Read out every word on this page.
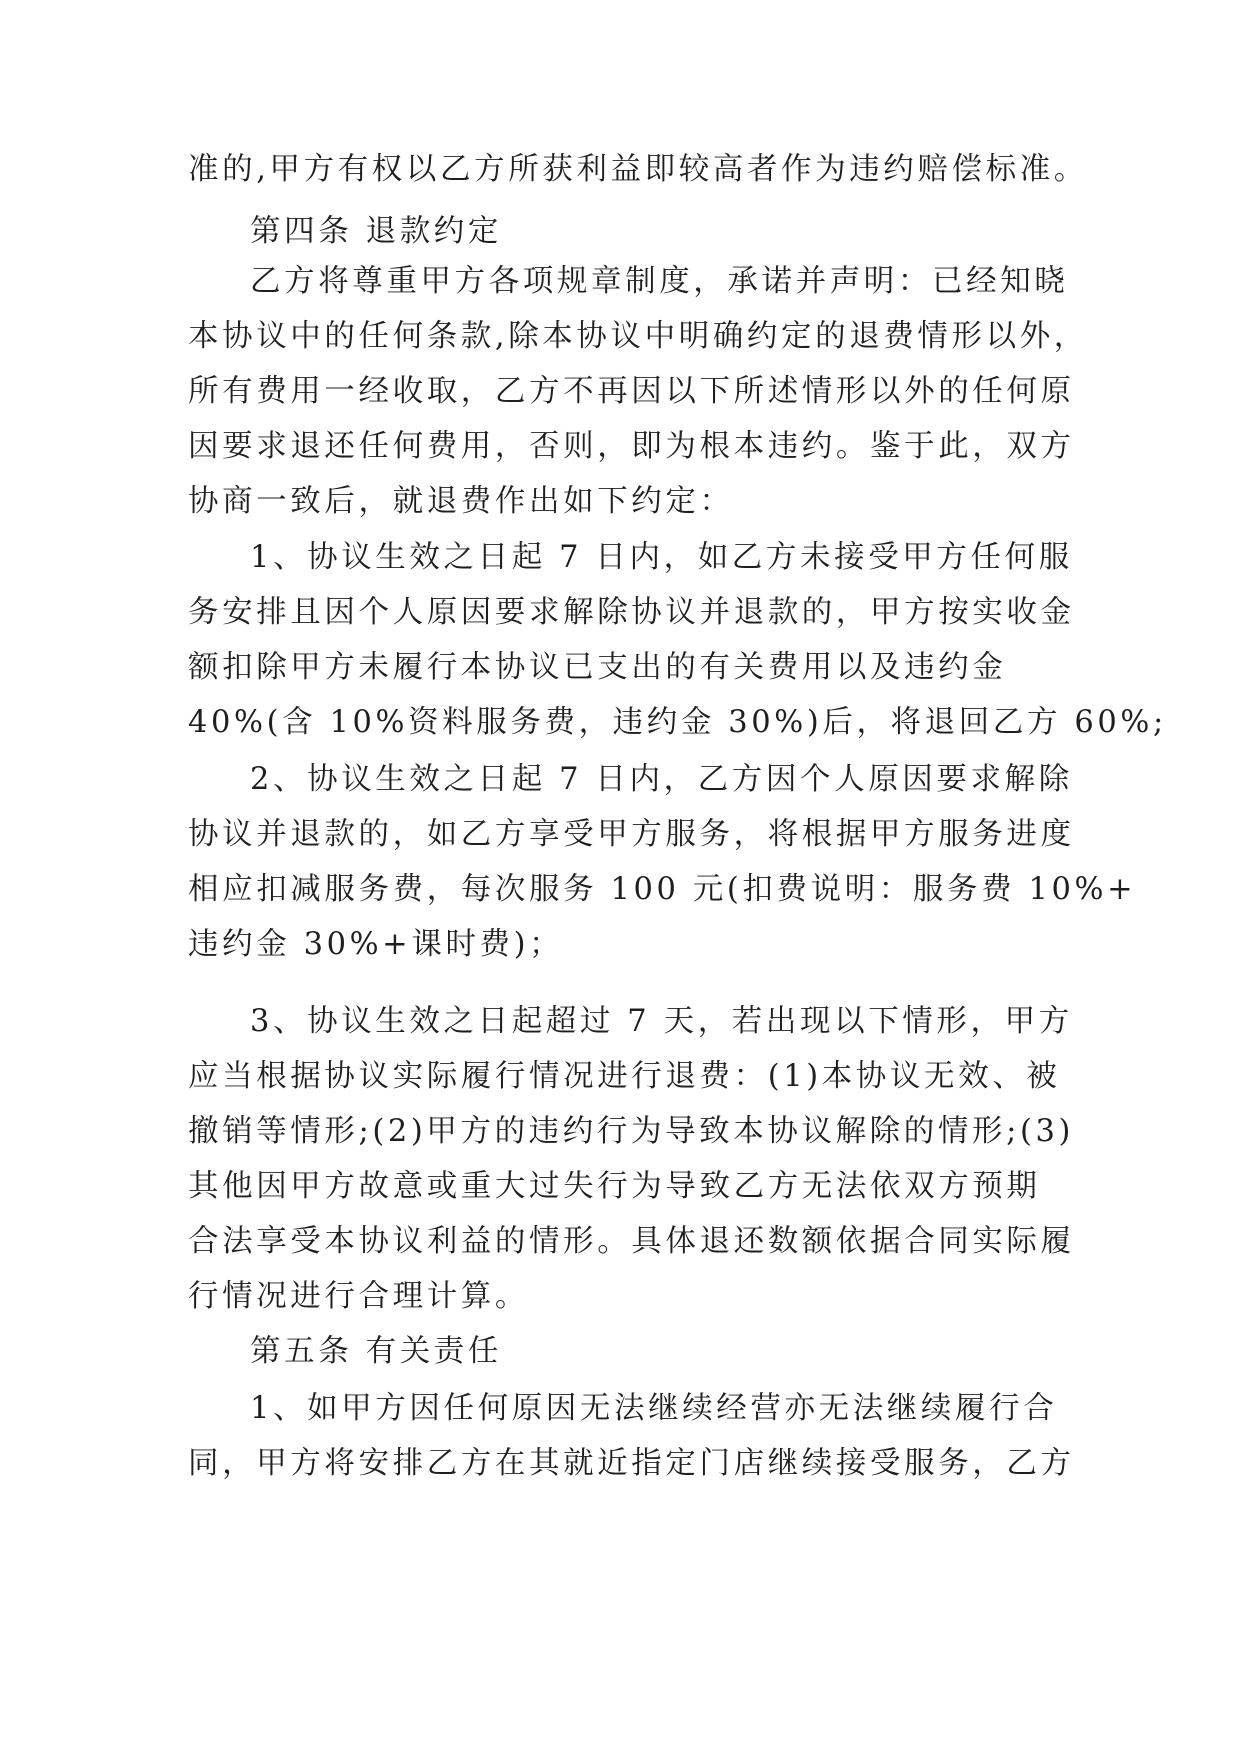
准的,甲方有权以乙方所获利益即较高者作为违约赔偿标准。
第四条 退款约定
乙方将尊重甲方各项规章制度，承诺并声明：已经知晓
本协议中的任何条款,除本协议中明确约定的退费情形以外，
所有费用一经收取，乙方不再因以下所述情形以外的任何原
因要求退还任何费用，否则，即为根本违约。鉴于此，双方
协商一致后，就退费作出如下约定：
1、协议生效之日起 7 日内，如乙方未接受甲方任何服
务安排且因个人原因要求解除协议并退款的，甲方按实收金
额扣除甲方未履行本协议已支出的有关费用以及违约金
40%(含 10%资料服务费，违约金 30%)后，将退回乙方 60%;
2、协议生效之日起 7 日内，乙方因个人原因要求解除
协议并退款的，如乙方享受甲方服务，将根据甲方服务进度
相应扣减服务费，每次服务 100 元(扣费说明：服务费 10%+
违约金 30%+课时费)；
3、协议生效之日起超过 7 天，若出现以下情形，甲方
应当根据协议实际履行情况进行退费：(1)本协议无效、被
撤销等情形;(2)甲方的违约行为导致本协议解除的情形;(3)
其他因甲方故意或重大过失行为导致乙方无法依双方预期
合法享受本协议利益的情形。具体退还数额依据合同实际履
行情况进行合理计算。
第五条 有关责任
1、如甲方因任何原因无法继续经营亦无法继续履行合
同，甲方将安排乙方在其就近指定门店继续接受服务，乙方
